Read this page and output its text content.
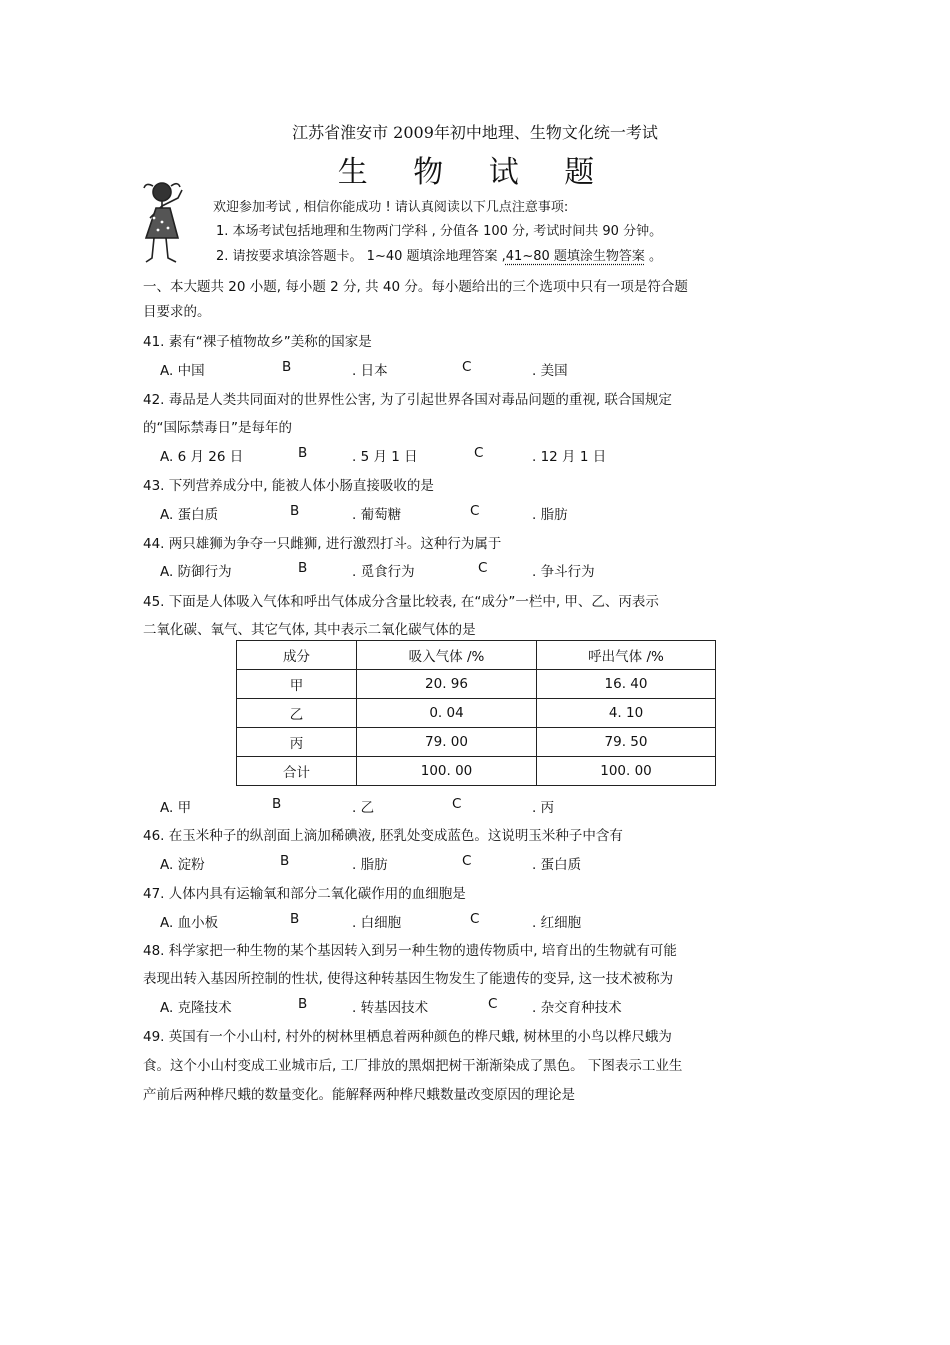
江苏省淮安市 2009年初中地理、生物文化统一考试
生 物 试 题
欢迎参加考试 , 相信你能成功 ! 请认真阅读以下几点注意事项:
1. 本场考试包括地理和生物两门学科 , 分值各 100 分, 考试时间共 90 分钟。
2. 请按要求填涂答题卡。 1~40 题填涂地理答案 ,41~80 题填涂生物答案 。
一、本大题共 20 小题, 每小题 2 分, 共 40 分。每小题给出的三个选项中只有一项是符合题
目要求的。
41. 素有“裸子植物故乡”美称的国家是
A. 中国	B	. 日本	C	. 美国
42. 毒品是人类共同面对的世界性公害, 为了引起世界各国对毒品问题的重视, 联合国规定
的“国际禁毒日”是每年的
A. 6 月 26 日	B	. 5 月 1 日	C	. 12 月 1 日
43. 下列营养成分中, 能被人体小肠直接吸收的是
A. 蛋白质	B	. 葡萄糖	C	. 脂肪
44. 两只雄狮为争夺一只雌狮, 进行激烈打斗。这种行为属于
A. 防御行为	B	. 觅食行为	C	. 争斗行为
45. 下面是人体吸入气体和呼出气体成分含量比较表, 在“成分”一栏中, 甲、乙、丙表示
二氧化碳、氧气、其它气体, 其中表示二氧化碳气体的是
成分	吸入气体 /%	呼出气体 /%
甲	20. 96	16. 40
乙	0. 04	4. 10
丙	79. 00	79. 50
合计	100. 00	100. 00
A. 甲	B	. 乙	C	. 丙
46. 在玉米种子的纵剖面上滴加稀碘液, 胚乳处变成蓝色。这说明玉米种子中含有
A. 淀粉	B	. 脂肪	C	. 蛋白质
47. 人体内具有运输氧和部分二氧化碳作用的血细胞是
A. 血小板	B	. 白细胞	C	. 红细胞
48. 科学家把一种生物的某个基因转入到另一种生物的遗传物质中, 培育出的生物就有可能
表现出转入基因所控制的性状, 使得这种转基因生物发生了能遗传的变异, 这一技术被称为
A. 克隆技术	B	. 转基因技术	C	. 杂交育种技术
49. 英国有一个小山村, 村外的树林里栖息着两种颜色的桦尺蛾, 树林里的小鸟以桦尺蛾为
食。这个小山村变成工业城市后, 工厂排放的黑烟把树干渐渐染成了黑色。 下图表示工业生
产前后两种桦尺蛾的数量变化。能解释两种桦尺蛾数量改变原因的理论是
